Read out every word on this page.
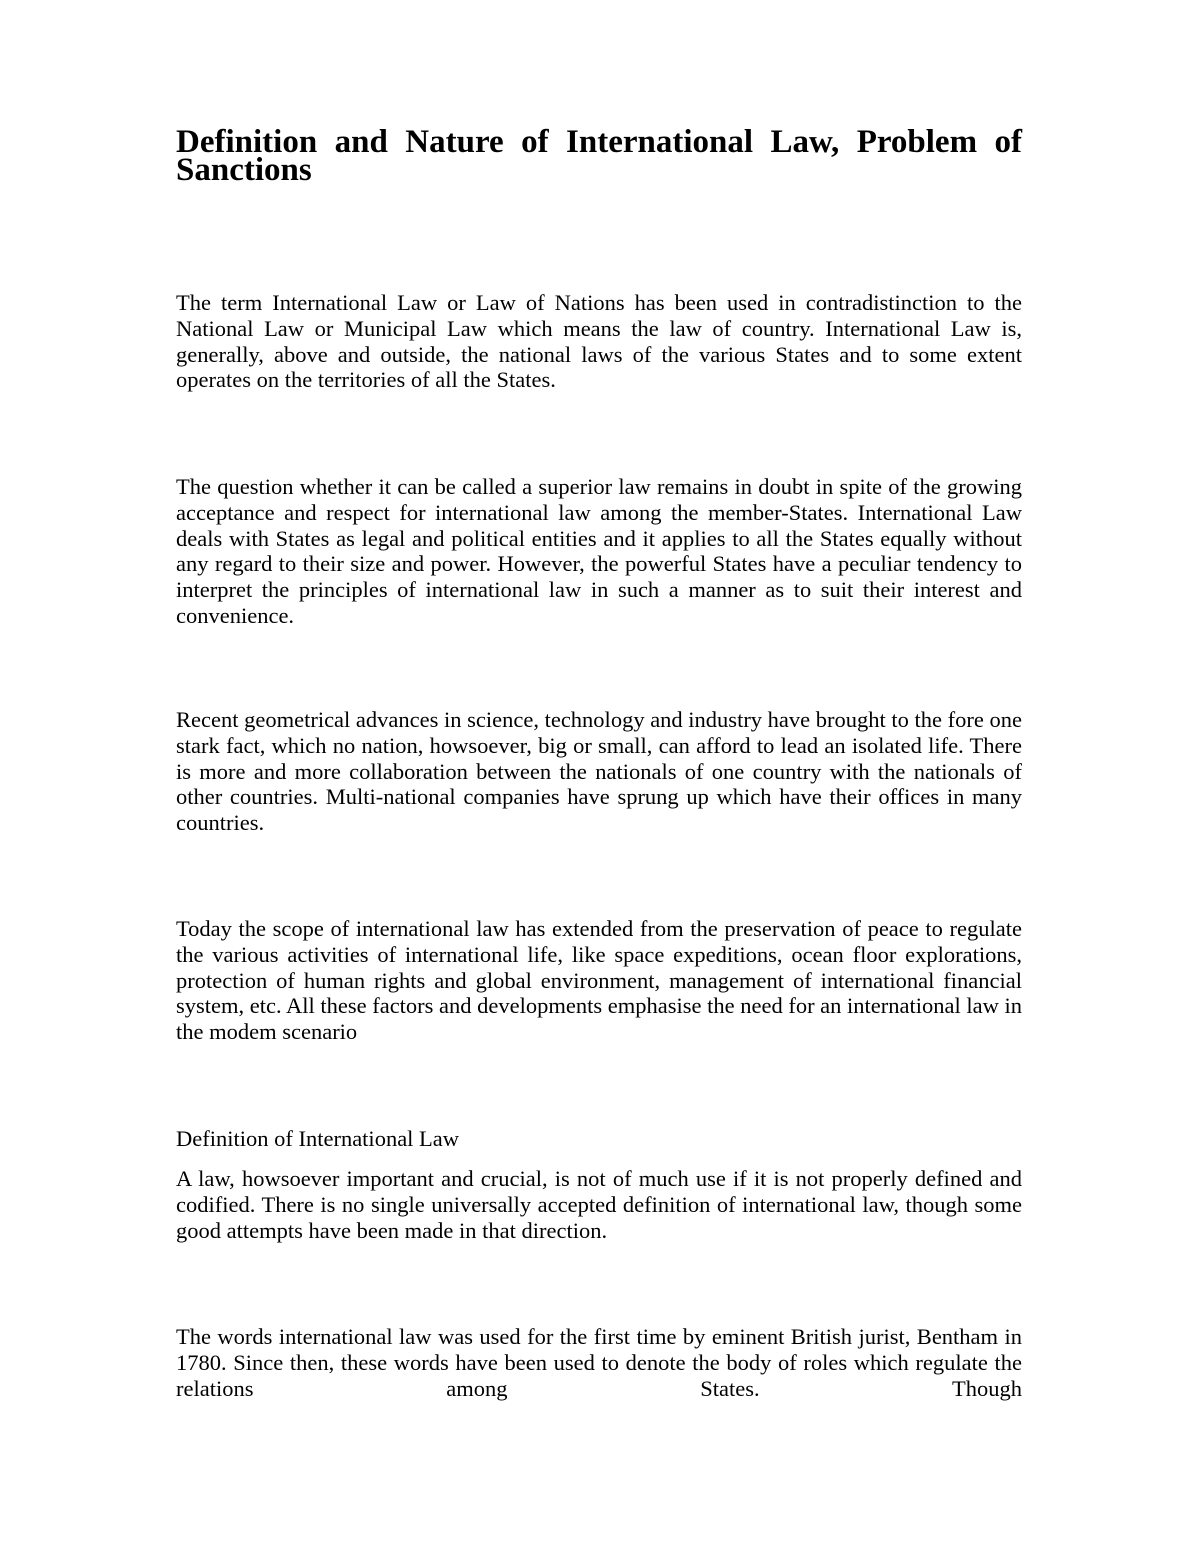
Definition and Nature of International Law, Problem of Sanctions

The term International Law or Law of Nations has been used in contradistinction to the National Law or Municipal Law which means the law of country. International Law is, generally, above and outside, the national laws of the various States and to some extent operates on the territories of all the States.

The question whether it can be called a superior law remains in doubt in spite of the growing acceptance and respect for international law among the member-States. International Law deals with States as legal and political entities and it applies to all the States equally without any regard to their size and power. However, the powerful States have a peculiar tendency to interpret the principles of international law in such a manner as to suit their interest and convenience.

Recent geometrical advances in science, technology and industry have brought to the fore one stark fact, which no nation, howsoever, big or small, can afford to lead an isolated life. There is more and more collaboration between the nationals of one country with the nationals of other countries. Multi-national companies have sprung up which have their offices in many countries.

Today the scope of international law has extended from the preservation of peace to regulate the various activities of international life, like space expeditions, ocean floor explorations, protection of human rights and global environment, management of international financial system, etc. All these factors and developments emphasise the need for an international law in the modem scenario

Definition of International Law

A law, howsoever important and crucial, is not of much use if it is not properly defined and codified. There is no single universally accepted definition of international law, though some good attempts have been made in that direction.

The words international law was used for the first time by eminent British jurist, Bentham in 1780. Since then, these words have been used to denote the body of roles which regulate the relations among States. Though
